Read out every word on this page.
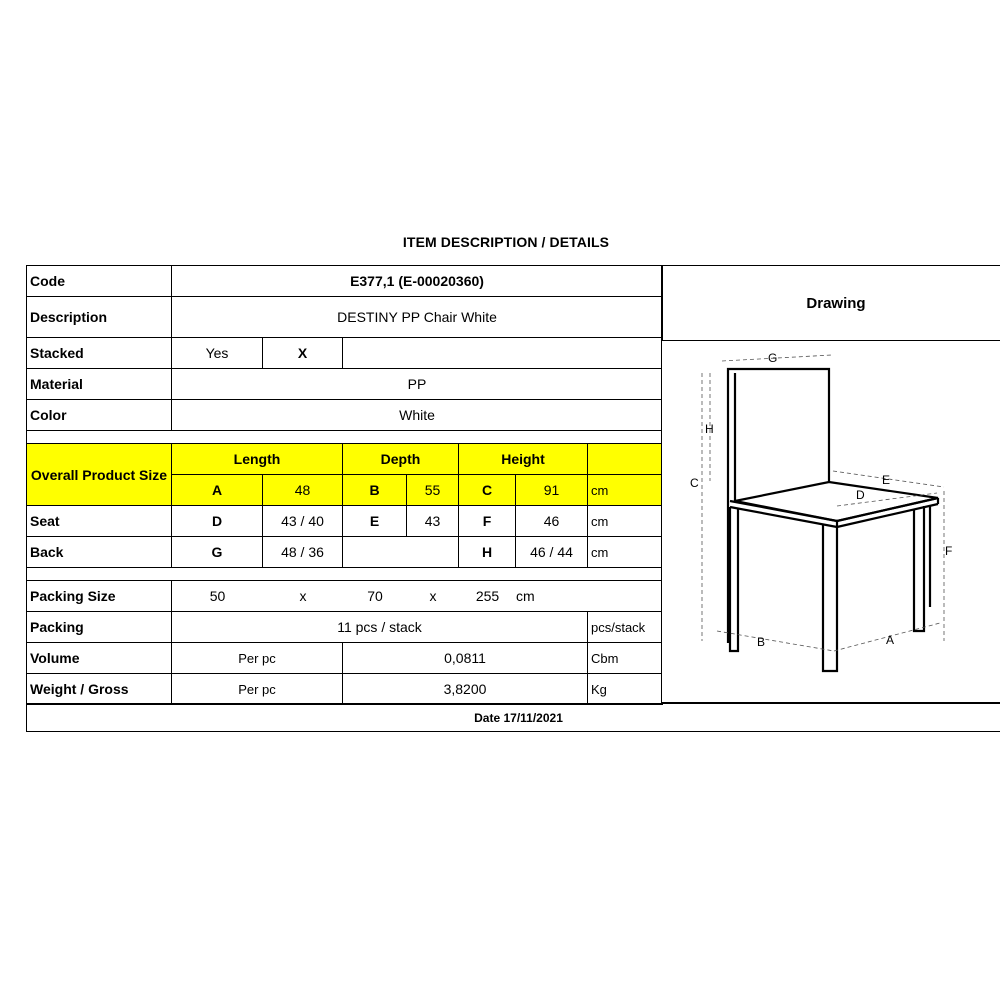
ITEM DESCRIPTION / DETAILS
Code	E377,1 (E-00020360)						
Description	DESTINY PP Chair White						
Stacked	Yes	X					
Material	PP						
Color	White						

Overall Product Size	Length		Depth		Height		
	A	48	B	55	C	91	cm
Seat	D	43 / 40	E	43	F	46	cm
Back	G	48 / 36			H	46 / 44	cm

Packing Size	50 x 70 x 255 cm						
Packing	11 pcs / stack						pcs/stack
Volume	Per pc		0,0811				Cbm
Weight / Gross	Per pc		3,8200				Kg
Drawing
G
H
C	E
D
F
B	A
Date 17/11/2021
